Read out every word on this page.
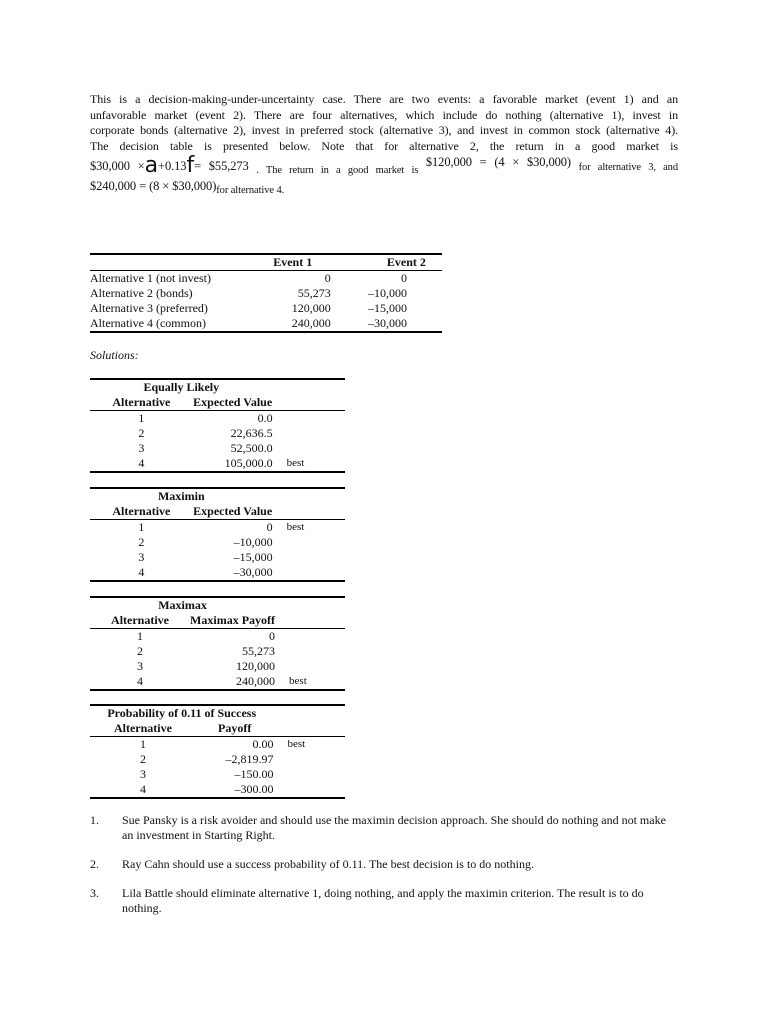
This is a decision-making-under-uncertainty case. There are two events: a favorable market (event 1) and an
unfavorable market (event 2). There are four alternatives, which include do nothing (alternative 1), invest in
corporate bonds (alternative 2), invest in preferred stock (alternative 3), and invest in common stock (alternative 4).
The decision table is presented below. Note that for alternative 2, the return in a good market is
$30,000 ×a+0.13f= $55,273 . The return in a good market is $120,000 = (4 × $30,000) for alternative 3, and
$240,000 = (8 × $30,000)for alternative 4.
	Event 1	Event 2
Alternative 1 (not invest)	0	0
Alternative 2 (bonds)	55,273	–10,000
Alternative 3 (preferred)	120,000	–15,000
Alternative 4 (common)	240,000	–30,000
Solutions:
Equally Likely		
Alternative	Expected Value	
1	0.0	
2	22,636.5	
3	52,500.0	
4	105,000.0	best
Maximin		
Alternative	Expected Value	
1	0	best
2	–10,000	
3	–15,000	
4	–30,000	
Maximax		
Alternative	Maximax Payoff	
1	0	
2	55,273	
3	120,000	
4	240,000	best
Probability of 0.11 of Success		
Alternative	Payoff	
1	0.00	best
2	–2,819.97	
3	–150.00	
4	–300.00	
1.	Sue Pansky is a risk avoider and should use the maximin decision approach. She should do nothing and not make an investment in Starting Right.
2.	Ray Cahn should use a success probability of 0.11. The best decision is to do nothing.
3.	Lila Battle should eliminate alternative 1, doing nothing, and apply the maximin criterion. The result is to do nothing.
